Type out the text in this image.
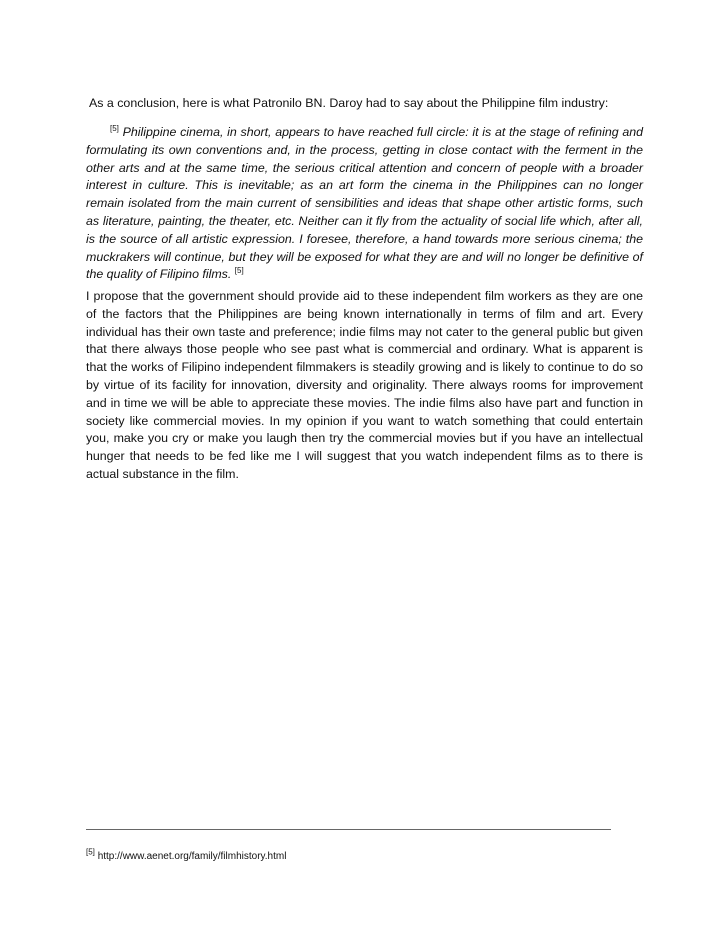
As a conclusion, here is what Patronilo BN. Daroy had to say about the Philippine film industry:
[5] Philippine cinema, in short, appears to have reached full circle: it is at the stage of refining and formulating its own conventions and, in the process, getting in close contact with the ferment in the other arts and at the same time, the serious critical attention and concern of people with a broader interest in culture. This is inevitable; as an art form the cinema in the Philippines can no longer remain isolated from the main current of sensibilities and ideas that shape other artistic forms, such as literature, painting, the theater, etc. Neither can it fly from the actuality of social life which, after all, is the source of all artistic expression. I foresee, therefore, a hand towards more serious cinema; the muckrakers will continue, but they will be exposed for what they are and will no longer be definitive of the quality of Filipino films. [5]
I propose that the government should provide aid to these independent film workers as they are one of the factors that the Philippines are being known internationally in terms of film and art. Every individual has their own taste and preference; indie films may not cater to the general public but given that there always those people who see past what is commercial and ordinary. What is apparent is that the works of Filipino independent filmmakers is steadily growing and is likely to continue to do so by virtue of its facility for innovation, diversity and originality. There always rooms for improvement and in time we will be able to appreciate these movies. The indie films also have part and function in society like commercial movies. In my opinion if you want to watch something that could entertain you, make you cry or make you laugh then try the commercial movies but if you have an intellectual hunger that needs to be fed like me I will suggest that you watch independent films as to there is actual substance in the film.
[5] http://www.aenet.org/family/filmhistory.html
